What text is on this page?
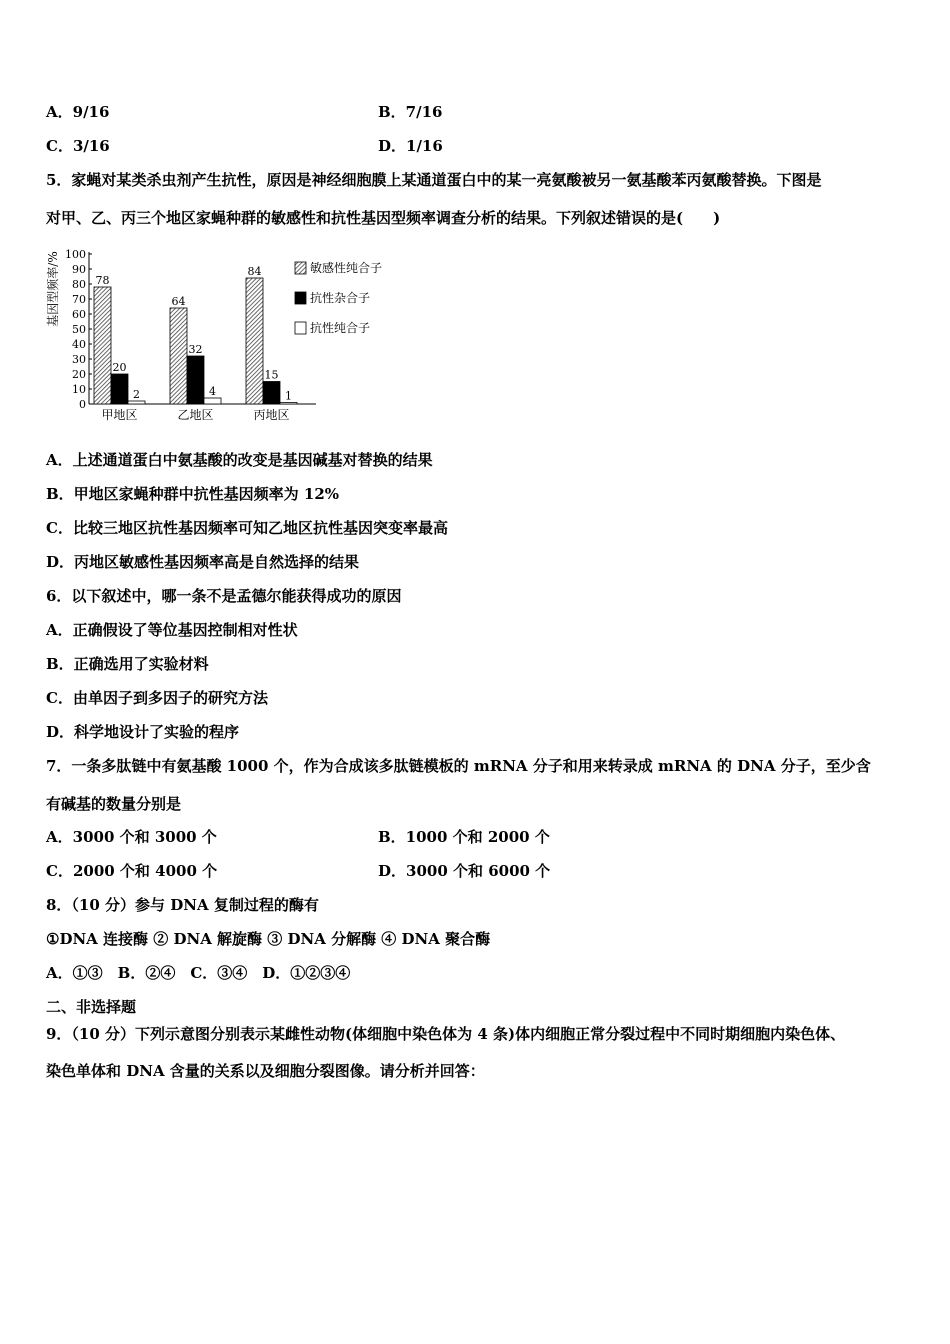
A．9/16	B．7/16
C．3/16	D．1/16
5．家蝇对某类杀虫剂产生抗性，原因是神经细胞膜上某通道蛋白中的某一亮氨酸被另一氨基酸苯丙氨酸替换。下图是
对甲、乙、丙三个地区家蝇种群的敏感性和抗性基因型频率调查分析的结果。下列叙述错误的是(　　)
基因型频率/%
0
10
20
30
40
50
60
70
80
90
100
78
20
2
64
32
4
84
15
1
甲地区	乙地区	丙地区
敏感性纯合子
抗性杂合子
抗性纯合子
A．上述通道蛋白中氨基酸的改变是基因碱基对替换的结果
B．甲地区家蝇种群中抗性基因频率为 12%
C．比较三地区抗性基因频率可知乙地区抗性基因突变率最高
D．丙地区敏感性基因频率高是自然选择的结果
6．以下叙述中，哪一条不是孟德尔能获得成功的原因
A．正确假设了等位基因控制相对性状
B．正确选用了实验材料
C．由单因子到多因子的研究方法
D．科学地设计了实验的程序
7．一条多肽链中有氨基酸 1000 个，作为合成该多肽链模板的 mRNA 分子和用来转录成 mRNA 的 DNA 分子，至少含
有碱基的数量分别是
A．3000 个和 3000 个	B．1000 个和 2000 个
C．2000 个和 4000 个	D．3000 个和 6000 个
8．（10 分）参与 DNA 复制过程的酶有
①DNA 连接酶 ② DNA 解旋酶 ③ DNA 分解酶 ④ DNA 聚合酶
A．①③　B．②④　C．③④　D．①②③④
二、非选择题
9．（10 分）下列示意图分别表示某雌性动物(体细胞中染色体为 4 条)体内细胞正常分裂过程中不同时期细胞内染色体、
染色单体和 DNA 含量的关系以及细胞分裂图像。请分析并回答：
